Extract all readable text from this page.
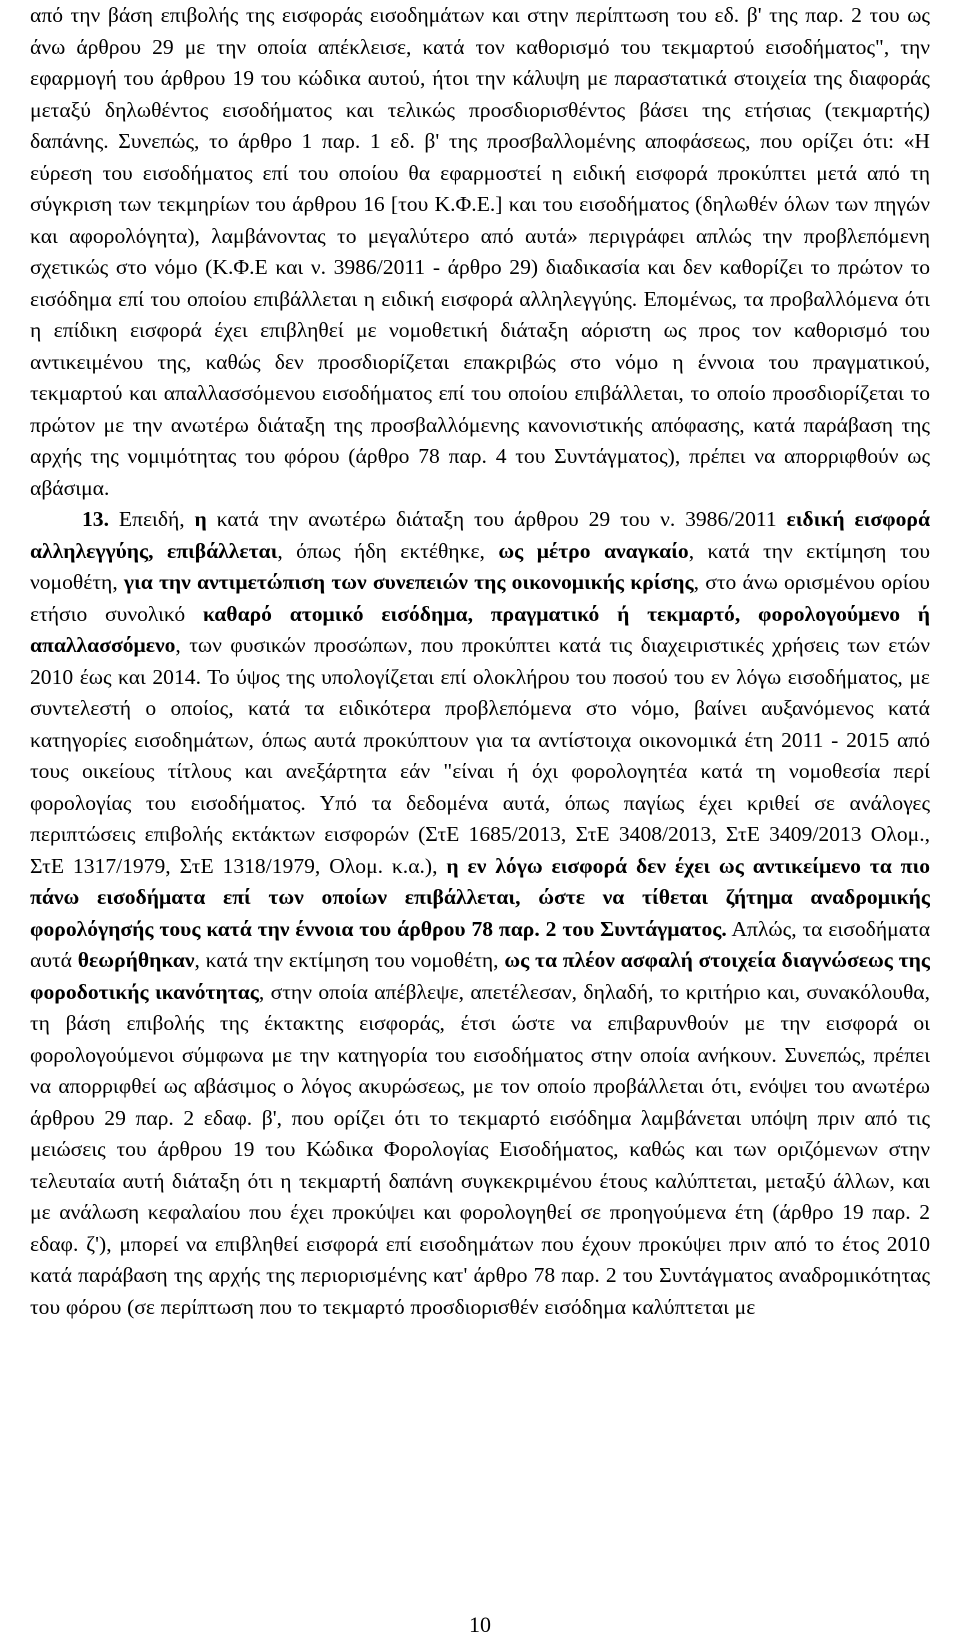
από την βάση επιβολής της εισφοράς εισοδημάτων και στην περίπτωση του εδ. β' της παρ. 2 του ως άνω άρθρου 29 με την οποία απέκλεισε, κατά τον καθορισμό του τεκμαρτού εισοδήματος", την εφαρμογή του άρθρου 19 του κώδικα αυτού, ήτοι την κάλυψη με παραστατικά στοιχεία της διαφοράς μεταξύ δηλωθέντος εισοδήματος και τελικώς προσδιορισθέντος βάσει της ετήσιας (τεκμαρτής) δαπάνης. Συνεπώς, το άρθρο 1 παρ. 1 εδ. β' της προσβαλλομένης αποφάσεως, που ορίζει ότι: «Η εύρεση του εισοδήματος επί του οποίου θα εφαρμοστεί η ειδική εισφορά προκύπτει μετά από τη σύγκριση των τεκμηρίων του άρθρου 16 [του Κ.Φ.Ε.] και του εισοδήματος (δηλωθέν όλων των πηγών και αφορολόγητα), λαμβάνοντας το μεγαλύτερο από αυτά» περιγράφει απλώς την προβλεπόμενη σχετικώς στο νόμο (Κ.Φ.Ε και ν. 3986/2011 - άρθρο 29) διαδικασία και δεν καθορίζει το πρώτον το εισόδημα επί του οποίου επιβάλλεται η ειδική εισφορά αλληλεγγύης. Επομένως, τα προβαλλόμενα ότι η επίδικη εισφορά έχει επιβληθεί με νομοθετική διάταξη αόριστη ως προς τον καθορισμό του αντικειμένου της, καθώς δεν προσδιορίζεται επακριβώς στο νόμο η έννοια του πραγματικού, τεκμαρτού και απαλλασσόμενου εισοδήματος επί του οποίου επιβάλλεται, το οποίο προσδιορίζεται το πρώτον με την ανωτέρω διάταξη της προσβαλλόμενης κανονιστικής απόφασης, κατά παράβαση της αρχής της νομιμότητας του φόρου (άρθρο 78 παρ. 4 του Συντάγματος), πρέπει να απορριφθούν ως αβάσιμα.

13. Επειδή, η κατά την ανωτέρω διάταξη του άρθρου 29 του ν. 3986/2011 ειδική εισφορά αλληλεγγύης, επιβάλλεται, όπως ήδη εκτέθηκε, ως μέτρο αναγκαίο, κατά την εκτίμηση του νομοθέτη, για την αντιμετώπιση των συνεπειών της οικονομικής κρίσης, στο άνω ορισμένου ορίου ετήσιο συνολικό καθαρό ατομικό εισόδημα, πραγματικό ή τεκμαρτό, φορολογούμενο ή απαλλασσόμενο, των φυσικών προσώπων, που προκύπτει κατά τις διαχειριστικές χρήσεις των ετών 2010 έως και 2014. Το ύψος της υπολογίζεται επί ολοκλήρου του ποσού του εν λόγω εισοδήματος, με συντελεστή ο οποίος, κατά τα ειδικότερα προβλεπόμενα στο νόμο, βαίνει αυξανόμενος κατά κατηγορίες εισοδημάτων, όπως αυτά προκύπτουν για τα αντίστοιχα οικονομικά έτη 2011 - 2015 από τους οικείους τίτλους και ανεξάρτητα εάν "είναι ή όχι φορολογητέα κατά τη νομοθεσία περί φορολογίας του εισοδήματος. Υπό τα δεδομένα αυτά, όπως παγίως έχει κριθεί σε ανάλογες περιπτώσεις επιβολής εκτάκτων εισφορών (ΣτΕ 1685/2013, ΣτΕ 3408/2013, ΣτΕ 3409/2013 Ολομ., ΣτΕ 1317/1979, ΣτΕ 1318/1979, Ολομ. κ.α.), η εν λόγω εισφορά δεν έχει ως αντικείμενο τα πιο πάνω εισοδήματα επί των οποίων επιβάλλεται, ώστε να τίθεται ζήτημα αναδρομικής φορολόγησής τους κατά την έννοια του άρθρου 78 παρ. 2 του Συντάγματος. Απλώς, τα εισοδήματα αυτά θεωρήθηκαν, κατά την εκτίμηση του νομοθέτη, ως τα πλέον ασφαλή στοιχεία διαγνώσεως της φοροδοτικής ικανότητας, στην οποία απέβλεψε, απετέλεσαν, δηλαδή, το κριτήριο και, συνακόλουθα, τη βάση επιβολής της έκτακτης εισφοράς, έτσι ώστε να επιβαρυνθούν με την εισφορά οι φορολογούμενοι σύμφωνα με την κατηγορία του εισοδήματος στην οποία ανήκουν. Συνεπώς, πρέπει να απορριφθεί ως αβάσιμος ο λόγος ακυρώσεως, με τον οποίο προβάλλεται ότι, ενόψει του ανωτέρω άρθρου 29 παρ. 2 εδαφ. β', που ορίζει ότι το τεκμαρτό εισόδημα λαμβάνεται υπόψη πριν από τις μειώσεις του άρθρου 19 του Κώδικα Φορολογίας Εισοδήματος, καθώς και των οριζόμενων στην τελευταία αυτή διάταξη ότι η τεκμαρτή δαπάνη συγκεκριμένου έτους καλύπτεται, μεταξύ άλλων, και με ανάλωση κεφαλαίου που έχει προκύψει και φορολογηθεί σε προηγούμενα έτη (άρθρο 19 παρ. 2 εδαφ. ζ'), μπορεί να επιβληθεί εισφορά επί εισοδημάτων που έχουν προκύψει πριν από το έτος 2010 κατά παράβαση της αρχής της περιορισμένης κατ' άρθρο 78 παρ. 2 του Συντάγματος αναδρομικότητας του φόρου (σε περίπτωση που το τεκμαρτό προσδιορισθέν εισόδημα καλύπτεται με

10
